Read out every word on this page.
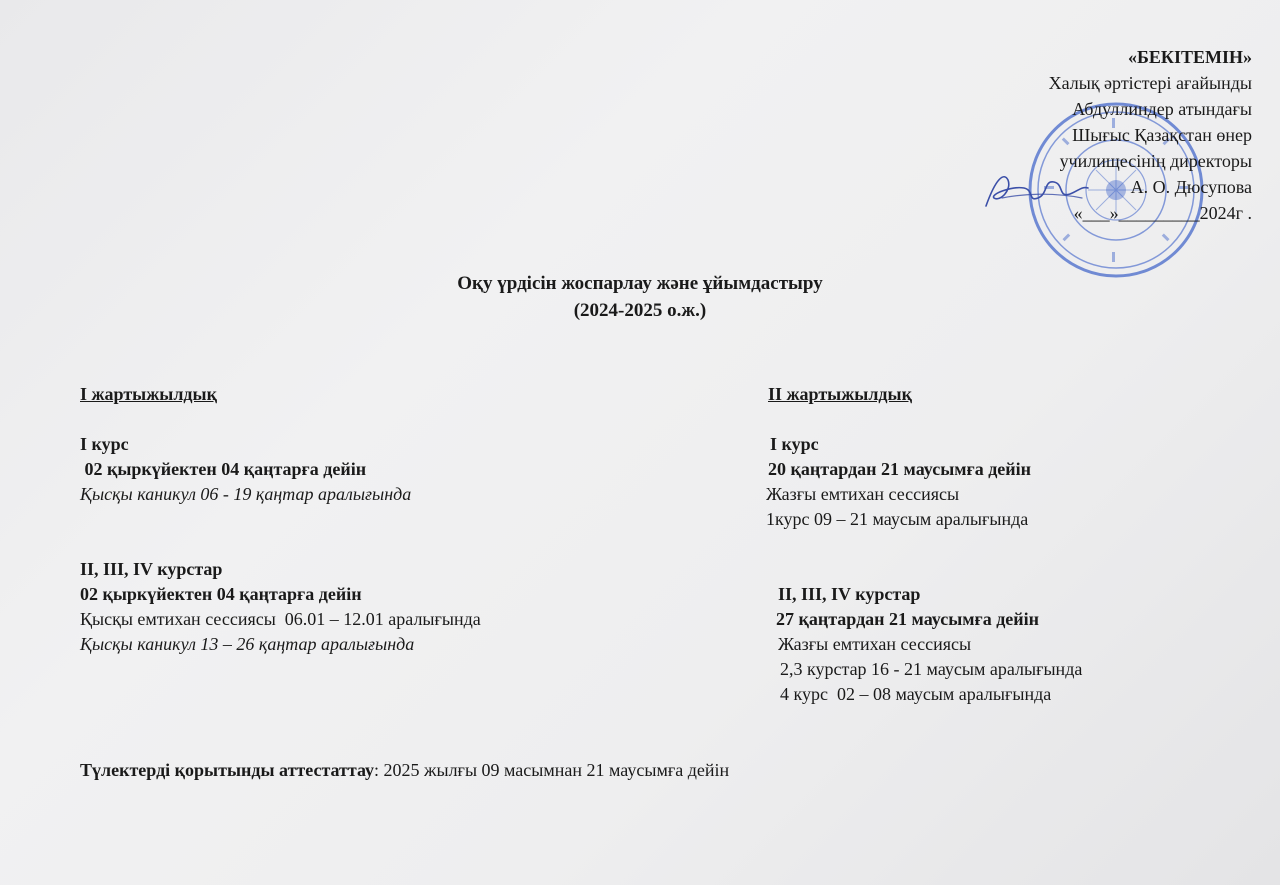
«БЕКІТЕМІН»
Халық әртістері ағайынды
Абдуллиндер атындағы
Шығыс Қазақстан өнер
училищесінің директоры
А. О. Дюсупова
«___»_________2024г .
Оқу үрдісін жоспарлау және ұйымдастыру
(2024-2025 о.ж.)
I жартыжылдық
I курс
02 қыркүйектен 04 қаңтарға дейін
Қысқы каникул 06 - 19 қаңтар аралығында
II, III, IV курстар
02 қыркүйектен 04 қаңтарға дейін
Қысқы емтихан сессиясы  06.01 – 12.01 аралығында
Қысқы каникул 13 – 26 қаңтар аралығында
II жартыжылдық
I курс
20 қаңтардан 21 маусымға дейін
Жазғы емтихан сессиясы
1курс 09 – 21 маусым аралығында
II, III, IV курстар
27 қаңтардан 21 маусымға дейін
Жазғы емтихан сессиясы
2,3 курстар 16 - 21 маусым аралығында
4 курс  02 – 08 маусым аралығында
Түлектерді қорытынды аттестаттау: 2025 жылғы 09 масымнан 21 маусымға дейін
